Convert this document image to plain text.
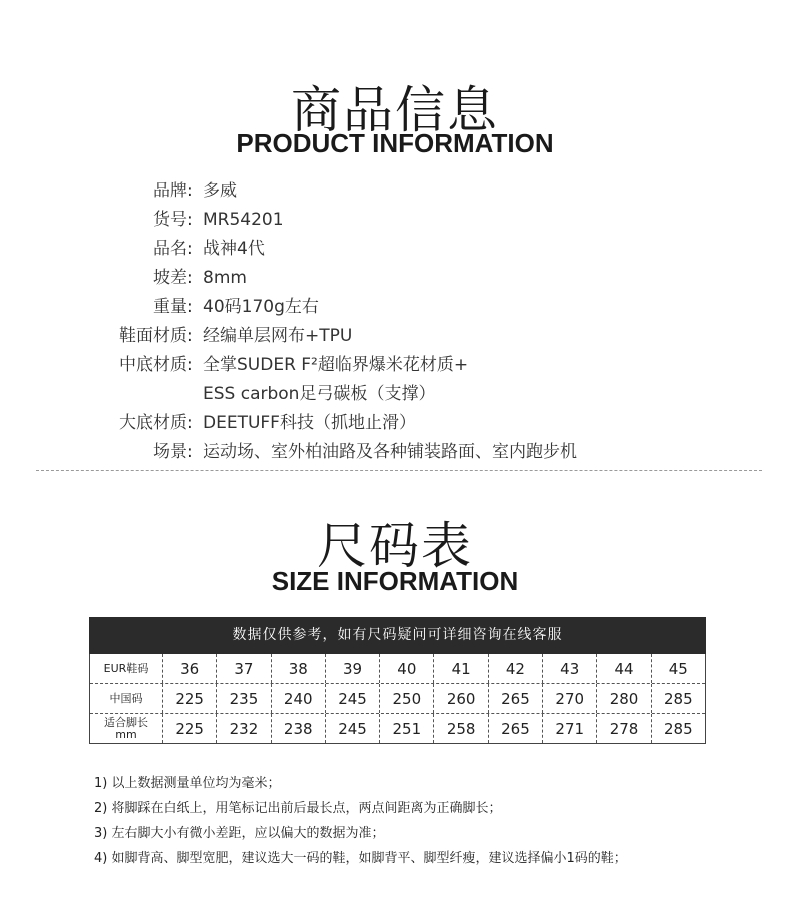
商品信息
PRODUCT INFORMATION
品牌 : 多威
货号 : MR54201
品名 : 战神4代
坡差 : 8mm
重量 : 40码170g左右
鞋面材质 : 经编单层网布+TPU
中底材质 : 全掌SUDER F²超临界爆米花材质+
ESS carbon足弓碳板（支撑）
大底材质 : DEETUFF科技（抓地止滑）
场景 : 运动场、室外柏油路及各种铺装路面、室内跑步机
尺码表
SIZE INFORMATION
数据仅供参考，如有尺码疑问可详细咨询在线客服
EUR鞋码	36	37	38	39	40	41	42	43	44	45
中国码	225	235	240	245	250	260	265	270	280	285
适合脚长
mm	225	232	238	245	251	258	265	271	278	285
1) 以上数据测量单位均为毫米；
2) 将脚踩在白纸上，用笔标记出前后最长点，两点间距离为正确脚长；
3) 左右脚大小有微小差距，应以偏大的数据为准；
4) 如脚背高、脚型宽肥，建议选大一码的鞋，如脚背平、脚型纤瘦，建议选择偏小1码的鞋；
